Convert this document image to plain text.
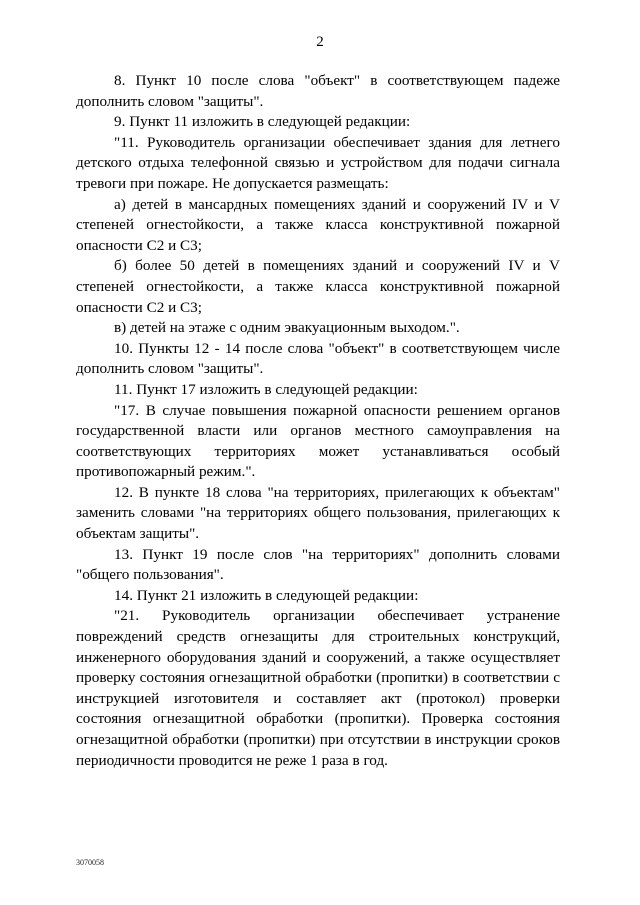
2

8. Пункт 10 после слова "объект" в соответствующем падеже дополнить словом "защиты".

9. Пункт 11 изложить в следующей редакции:

"11. Руководитель организации обеспечивает здания для летнего детского отдыха телефонной связью и устройством для подачи сигнала тревоги при пожаре. Не допускается размещать:

а) детей в мансардных помещениях зданий и сооружений IV и V степеней огнестойкости, а также класса конструктивной пожарной опасности С2 и С3;

б) более 50 детей в помещениях зданий и сооружений IV и V степеней огнестойкости, а также класса конструктивной пожарной опасности С2 и С3;

в) детей на этаже с одним эвакуационным выходом.".

10. Пункты 12 - 14 после слова "объект" в соответствующем числе дополнить словом "защиты".

11. Пункт 17 изложить в следующей редакции:

"17. В случае повышения пожарной опасности решением органов государственной власти или органов местного самоуправления на соответствующих территориях может устанавливаться особый противопожарный режим.".

12. В пункте 18 слова "на территориях, прилегающих к объектам" заменить словами "на территориях общего пользования, прилегающих к объектам защиты".

13. Пункт 19 после слов "на территориях" дополнить словами "общего пользования".

14. Пункт 21 изложить в следующей редакции:

"21. Руководитель организации обеспечивает устранение повреждений средств огнезащиты для строительных конструкций, инженерного оборудования зданий и сооружений, а также осуществляет проверку состояния огнезащитной обработки (пропитки) в соответствии с инструкцией изготовителя и составляет акт (протокол) проверки состояния огнезащитной обработки (пропитки). Проверка состояния огнезащитной обработки (пропитки) при отсутствии в инструкции сроков периодичности проводится не реже 1 раза в год.

3070058
